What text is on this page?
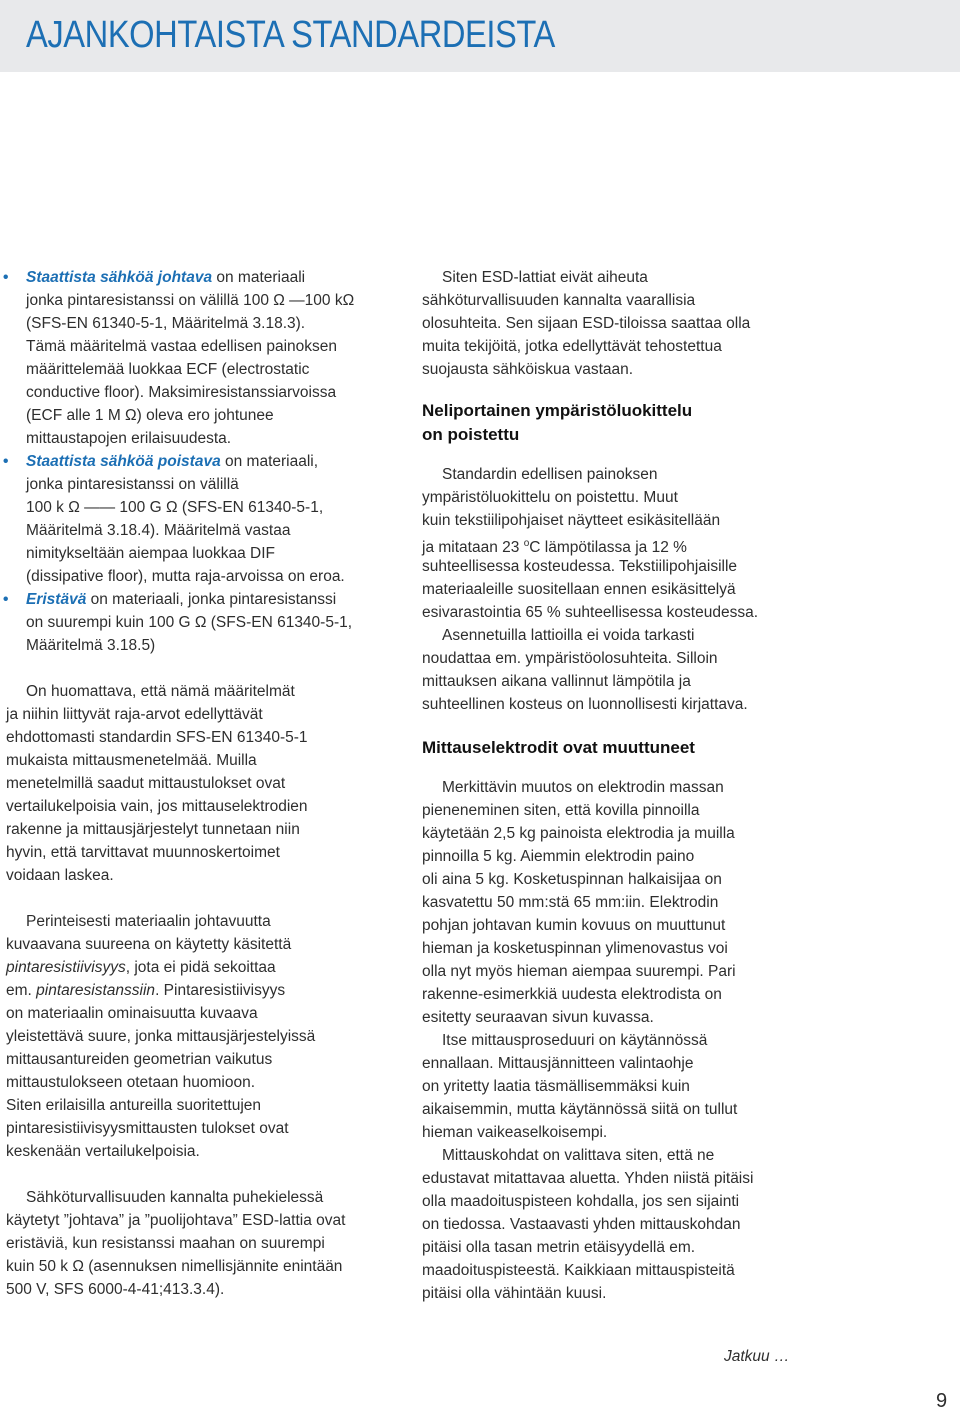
AJANKOHTAISTA STANDARDEISTA
•	Staattista sähköä johtava on materiaali
jonka pintaresistanssi on välillä 100 Ω —100 kΩ
(SFS-EN 61340-5-1, Määritelmä 3.18.3).
Tämä määritelmä vastaa edellisen painoksen
määrittelemää luokkaa ECF (electrostatic
conductive floor). Maksimiresistanssiarvoissa
(ECF alle 1 M Ω) oleva ero johtunee
mittaustapojen erilaisuudesta.
•	Staattista sähköä poistava on materiaali,
jonka pintaresistanssi on välillä
100 k Ω —— 100 G Ω (SFS-EN 61340-5-1,
Määritelmä 3.18.4). Määritelmä vastaa
nimitykseltään aiempaa luokkaa DIF
(dissipative floor), mutta raja-arvoissa on eroa.
•	Eristävä on materiaali, jonka pintaresistanssi
on suurempi kuin 100 G Ω (SFS-EN 61340-5-1,
Määritelmä 3.18.5)
On huomattava, että nämä määritelmät
ja niihin liittyvät raja-arvot edellyttävät
ehdottomasti standardin SFS-EN 61340-5-1
mukaista mittausmenetelmää. Muilla
menetelmillä saadut mittaustulokset ovat
vertailukelpoisia vain, jos mittauselektrodien
rakenne ja mittausjärjestelyt tunnetaan niin
hyvin, että tarvittavat muunnoskertoimet
voidaan laskea.
Perinteisesti materiaalin johtavuutta
kuvaavana suureena on käytetty käsitettä
pintaresistiivisyys, jota ei pidä sekoittaa
em. pintaresistanssiin. Pintaresistiivisyys
on materiaalin ominaisuutta kuvaava
yleistettävä suure, jonka mittausjärjestelyissä
mittausantureiden geometrian vaikutus
mittaustulokseen otetaan huomioon.
Siten erilaisilla antureilla suoritettujen
pintaresistiivisyysmittausten tulokset ovat
keskenään vertailukelpoisia.
Sähköturvallisuuden kannalta puhekielessä
käytetyt ”johtava” ja ”puolijohtava” ESD-lattia ovat
eristäviä, kun resistanssi maahan on suurempi
kuin 50 k Ω (asennuksen nimellisjännite enintään
500 V, SFS 6000-4-41;413.3.4).
Siten ESD-lattiat eivät aiheuta
sähköturvallisuuden kannalta vaarallisia
olosuhteita. Sen sijaan ESD-tiloissa saattaa olla
muita tekijöitä, jotka edellyttävät tehostettua
suojausta sähköiskua vastaan.
Neliportainen ympäristöluokittelu
on poistettu
Standardin edellisen painoksen
ympäristöluokittelu on poistettu. Muut
kuin tekstiilipohjaiset näytteet esikäsitellään
ja mitataan 23 $^o$C lämpötilassa ja 12 %
suhteellisessa kosteudessa. Tekstiilipohjaisille
materiaaleille suositellaan ennen esikäsittelyä
esivarastointia 65 % suhteellisessa kosteudessa.
Asennetuilla lattioilla ei voida tarkasti
noudattaa em. ympäristöolosuhteita. Silloin
mittauksen aikana vallinnut lämpötila ja
suhteellinen kosteus on luonnollisesti kirjattava.
Mittauselektrodit ovat muuttuneet
Merkittävin muutos on elektrodin massan
pieneneminen siten, että kovilla pinnoilla
käytetään 2,5 kg painoista elektrodia ja muilla
pinnoilla 5 kg. Aiemmin elektrodin paino
oli aina 5 kg. Kosketuspinnan halkaisijaa on
kasvatettu 50 mm:stä 65 mm:iin. Elektrodin
pohjan johtavan kumin kovuus on muuttunut
hieman ja kosketuspinnan ylimenovastus voi
olla nyt myös hieman aiempaa suurempi. Pari
rakenne-esimerkkiä uudesta elektrodista on
esitetty seuraavan sivun kuvassa.
Itse mittausproseduuri on käytännössä
ennallaan. Mittausjännitteen valintaohje
on yritetty laatia täsmällisemmäksi kuin
aikaisemmin, mutta käytännössä siitä on tullut
hieman vaikeaselkoisempi.
Mittauskohdat on valittava siten, että ne
edustavat mitattavaa aluetta. Yhden niistä pitäisi
olla maadoituspisteen kohdalla, jos sen sijainti
on tiedossa. Vastaavasti yhden mittauskohdan
pitäisi olla tasan metrin etäisyydellä em.
maadoituspisteestä. Kaikkiaan mittauspisteitä
pitäisi olla vähintään kuusi.
Jatkuu …
9
